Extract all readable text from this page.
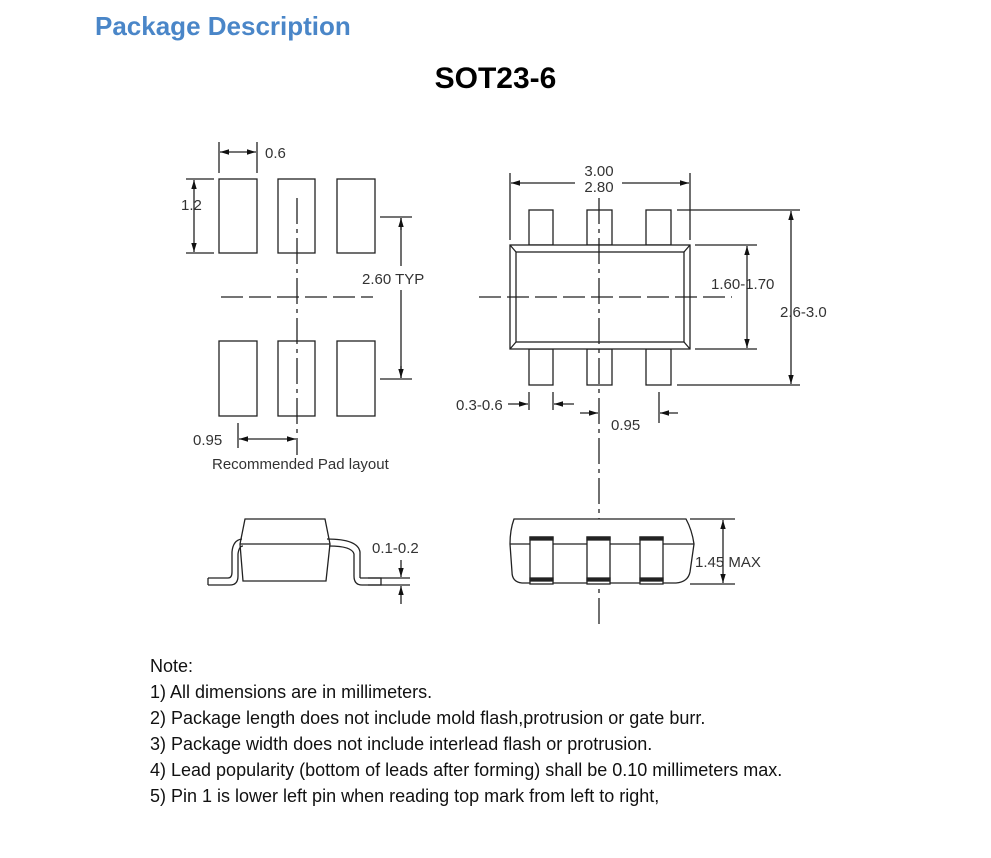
Package Description
SOT23-6
0.6
1.2
2.60 TYP
0.95
Recommended Pad layout
3.00
2.80
1.60-1.70
2.6-3.0
0.3-0.6
0.95
0.1-0.2
1.45 MAX
Note:
1) All dimensions are in millimeters.
2) Package length does not include mold flash,protrusion or gate burr.
3) Package width does not include interlead flash or protrusion.
4) Lead popularity (bottom of leads after forming) shall be 0.10 millimeters max.
5) Pin 1 is lower left pin when reading top mark from left to right,
